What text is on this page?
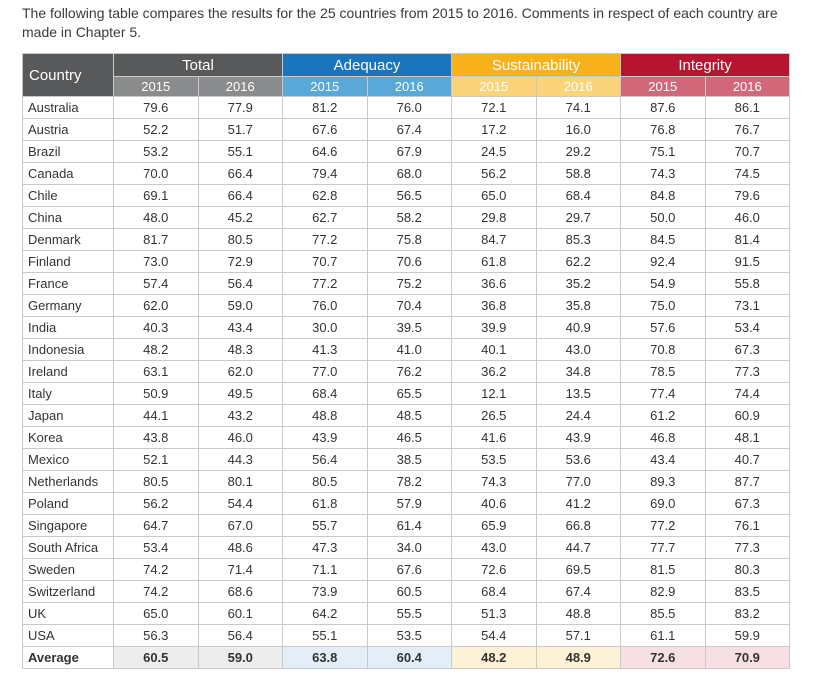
The following table compares the results for the 25 countries from 2015 to 2016. Comments in respect of each country are made in Chapter 5.
Country	Total		Adequacy		Sustainability		Integrity	
	2015	2016	2015	2016	2015	2016	2015	2016
Australia	79.6	77.9	81.2	76.0	72.1	74.1	87.6	86.1
Austria	52.2	51.7	67.6	67.4	17.2	16.0	76.8	76.7
Brazil	53.2	55.1	64.6	67.9	24.5	29.2	75.1	70.7
Canada	70.0	66.4	79.4	68.0	56.2	58.8	74.3	74.5
Chile	69.1	66.4	62.8	56.5	65.0	68.4	84.8	79.6
China	48.0	45.2	62.7	58.2	29.8	29.7	50.0	46.0
Denmark	81.7	80.5	77.2	75.8	84.7	85.3	84.5	81.4
Finland	73.0	72.9	70.7	70.6	61.8	62.2	92.4	91.5
France	57.4	56.4	77.2	75.2	36.6	35.2	54.9	55.8
Germany	62.0	59.0	76.0	70.4	36.8	35.8	75.0	73.1
India	40.3	43.4	30.0	39.5	39.9	40.9	57.6	53.4
Indonesia	48.2	48.3	41.3	41.0	40.1	43.0	70.8	67.3
Ireland	63.1	62.0	77.0	76.2	36.2	34.8	78.5	77.3
Italy	50.9	49.5	68.4	65.5	12.1	13.5	77.4	74.4
Japan	44.1	43.2	48.8	48.5	26.5	24.4	61.2	60.9
Korea	43.8	46.0	43.9	46.5	41.6	43.9	46.8	48.1
Mexico	52.1	44.3	56.4	38.5	53.5	53.6	43.4	40.7
Netherlands	80.5	80.1	80.5	78.2	74.3	77.0	89.3	87.7
Poland	56.2	54.4	61.8	57.9	40.6	41.2	69.0	67.3
Singapore	64.7	67.0	55.7	61.4	65.9	66.8	77.2	76.1
South Africa	53.4	48.6	47.3	34.0	43.0	44.7	77.7	77.3
Sweden	74.2	71.4	71.1	67.6	72.6	69.5	81.5	80.3
Switzerland	74.2	68.6	73.9	60.5	68.4	67.4	82.9	83.5
UK	65.0	60.1	64.2	55.5	51.3	48.8	85.5	83.2
USA	56.3	56.4	55.1	53.5	54.4	57.1	61.1	59.9
Average	60.5	59.0	63.8	60.4	48.2	48.9	72.6	70.9
